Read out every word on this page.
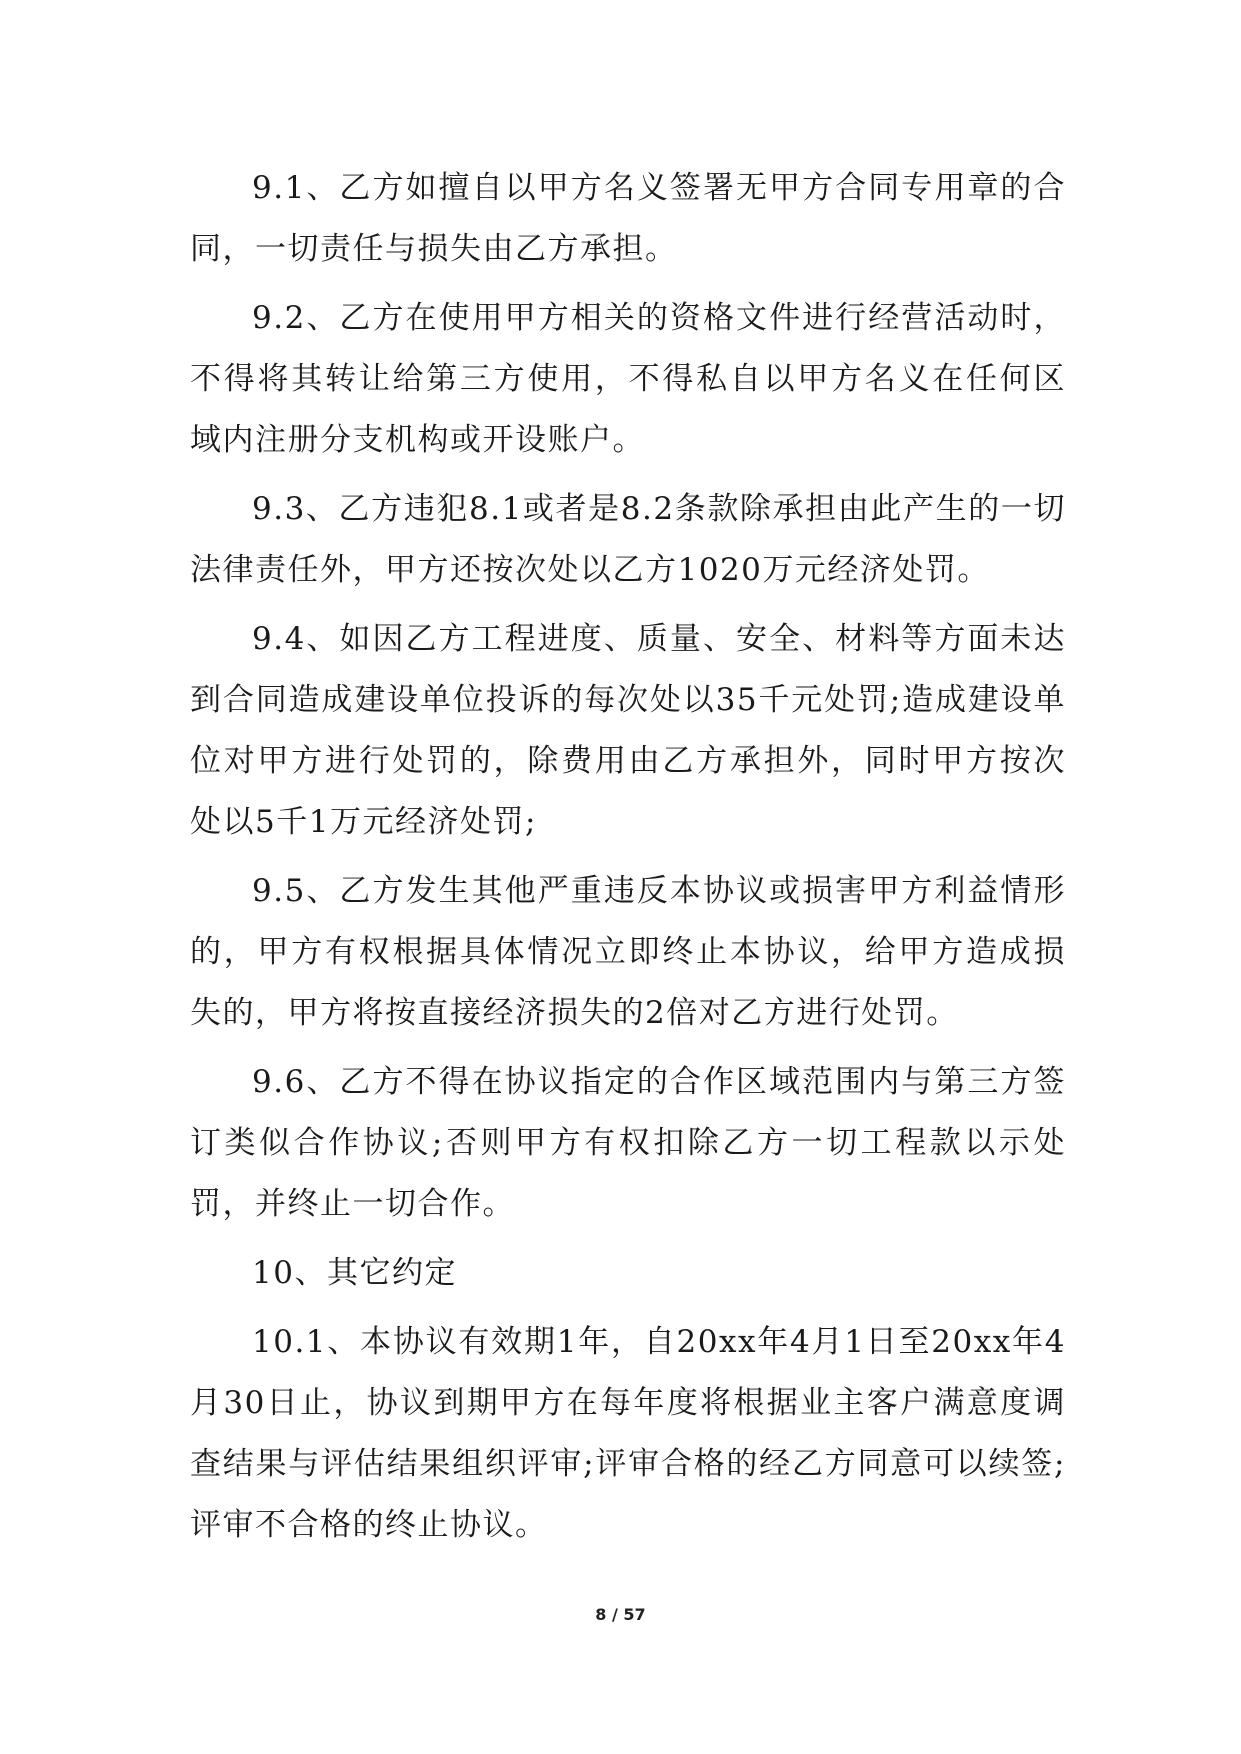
9.1、乙方如擅自以甲方名义签署无甲方合同专用章的合同，一切责任与损失由乙方承担。

9.2、乙方在使用甲方相关的资格文件进行经营活动时，不得将其转让给第三方使用，不得私自以甲方名义在任何区域内注册分支机构或开设账户。

9.3、乙方违犯8.1或者是8.2条款除承担由此产生的一切法律责任外，甲方还按次处以乙方1020万元经济处罚。

9.4、如因乙方工程进度、质量、安全、材料等方面未达到合同造成建设单位投诉的每次处以35千元处罚;造成建设单位对甲方进行处罚的，除费用由乙方承担外，同时甲方按次处以5千1万元经济处罚;

9.5、乙方发生其他严重违反本协议或损害甲方利益情形的，甲方有权根据具体情况立即终止本协议，给甲方造成损失的，甲方将按直接经济损失的2倍对乙方进行处罚。

9.6、乙方不得在协议指定的合作区域范围内与第三方签订类似合作协议;否则甲方有权扣除乙方一切工程款以示处罚，并终止一切合作。

10、其它约定

10.1、本协议有效期1年，自20xx年4月1日至20xx年4月30日止，协议到期甲方在每年度将根据业主客户满意度调查结果与评估结果组织评审;评审合格的经乙方同意可以续签;评审不合格的终止协议。

8 / 57
